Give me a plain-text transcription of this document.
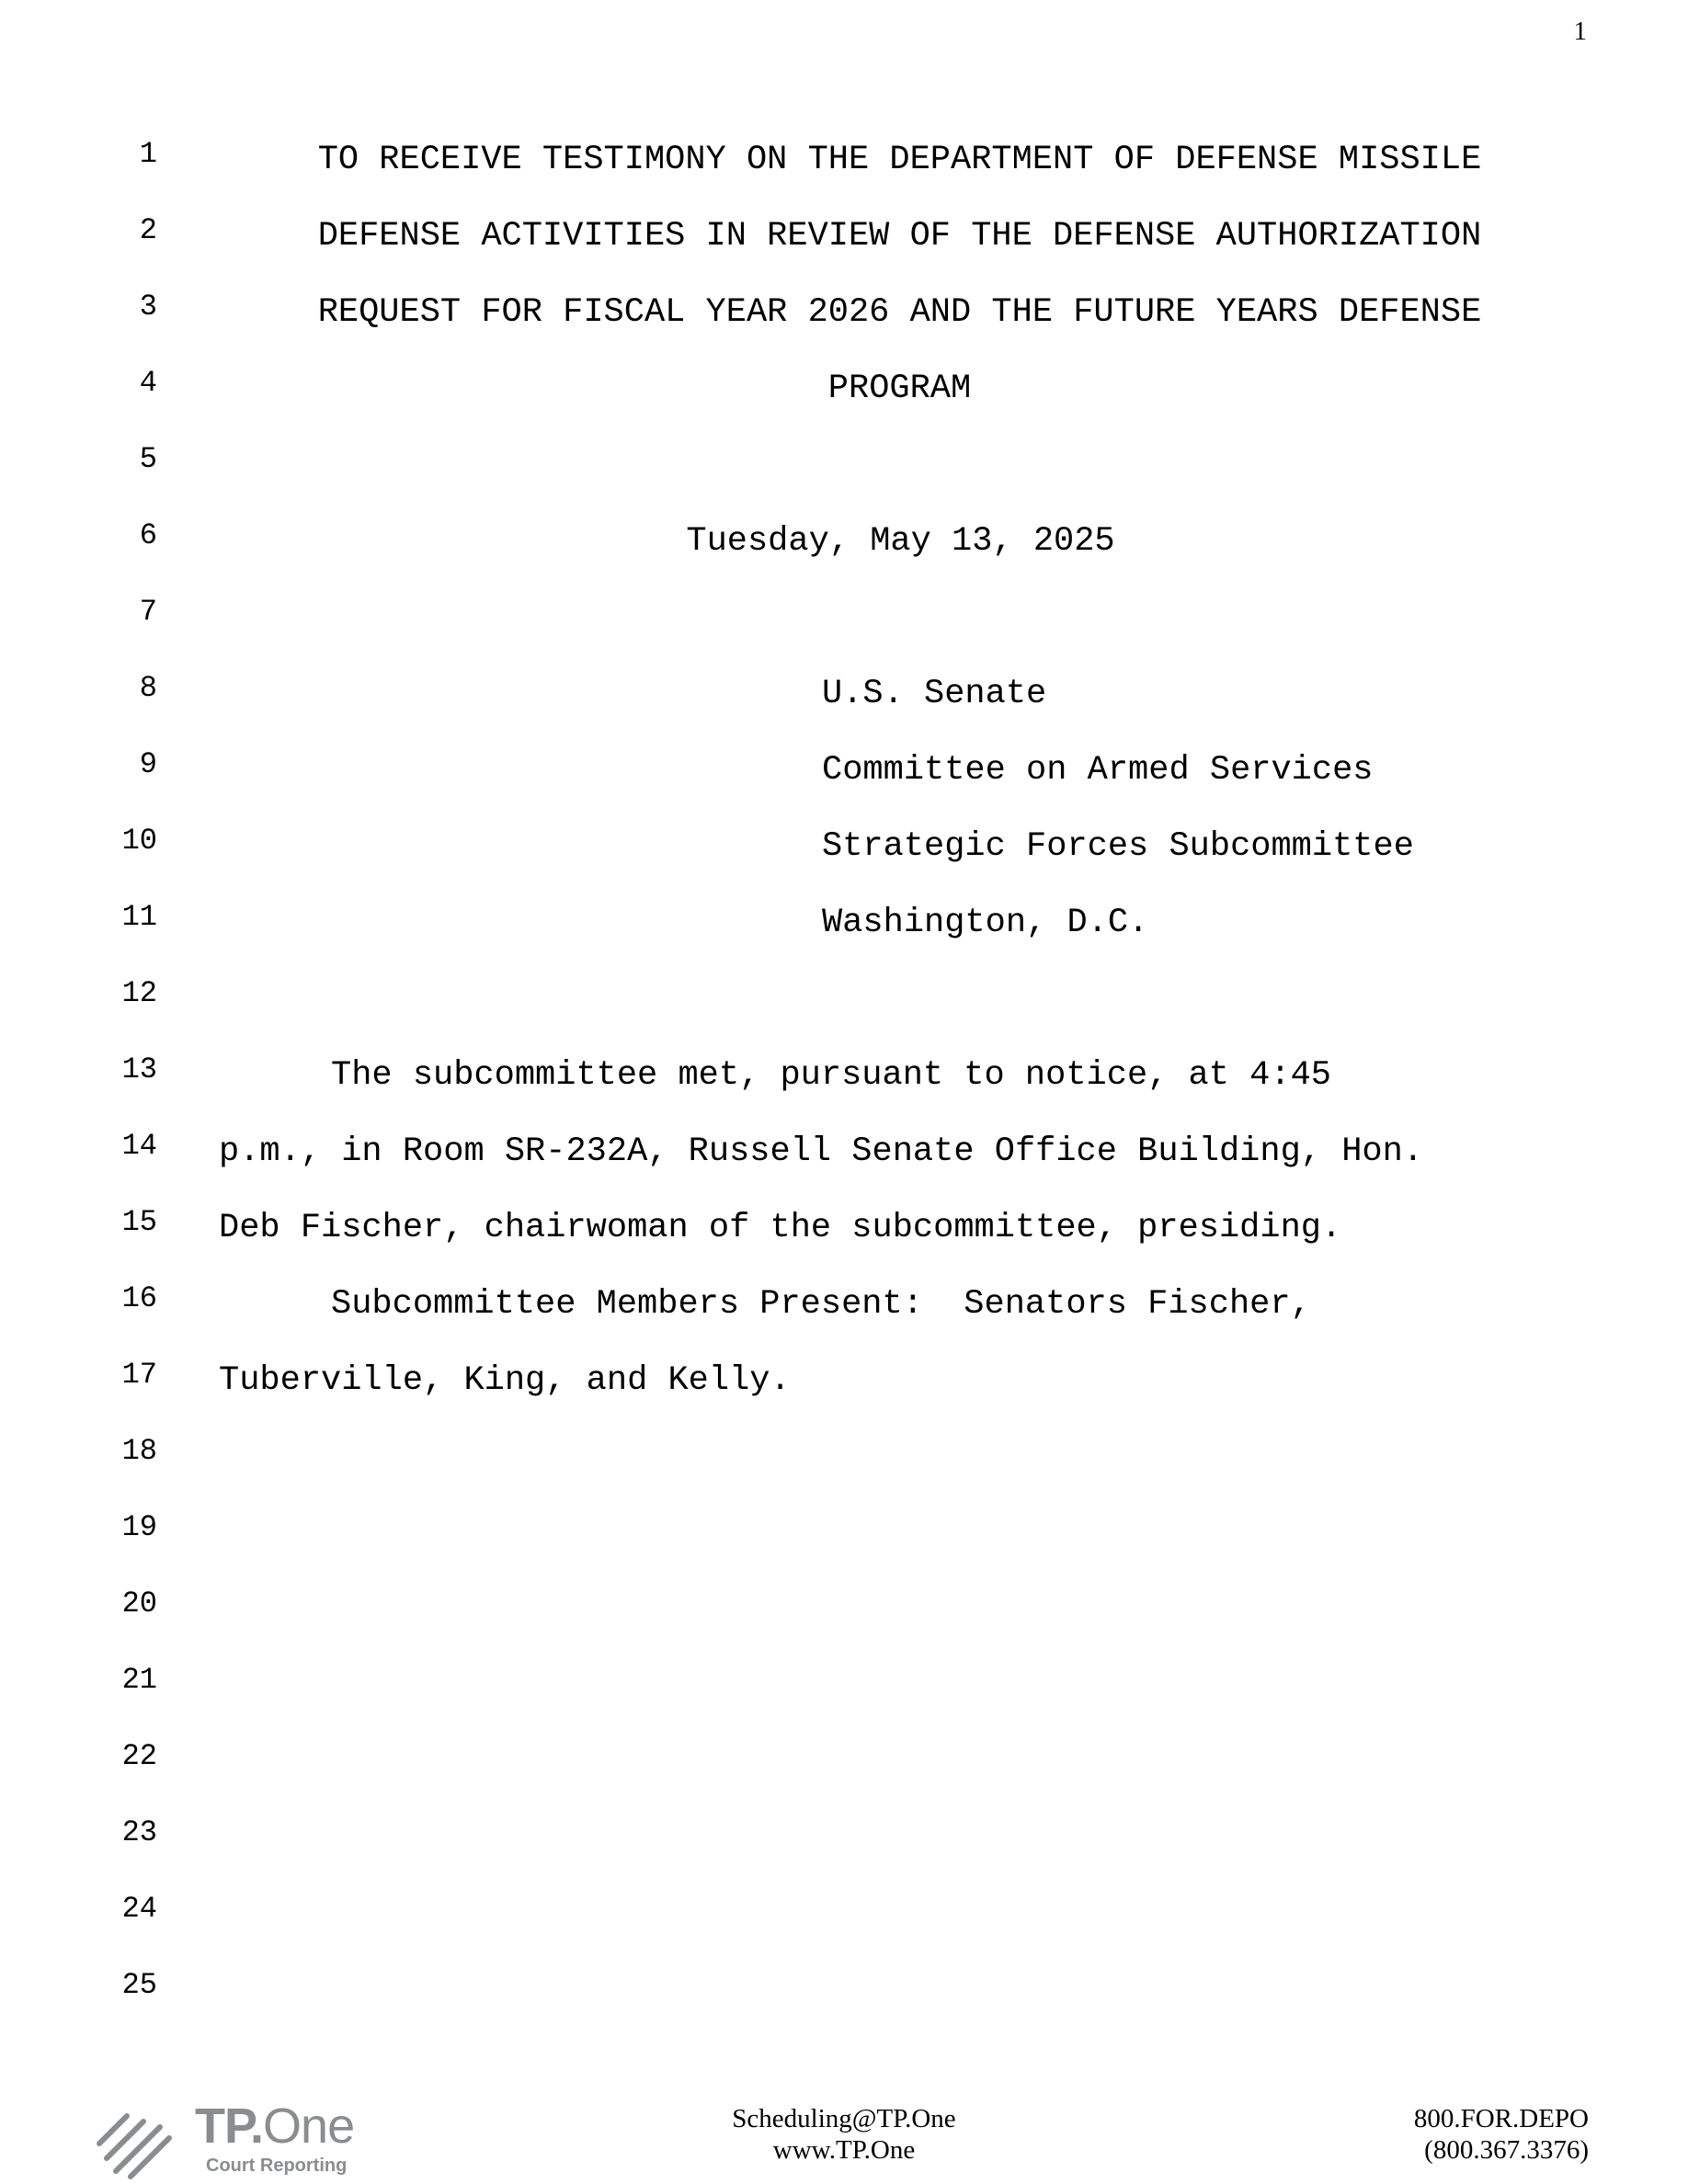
1
1	TO RECEIVE TESTIMONY ON THE DEPARTMENT OF DEFENSE MISSILE
2	DEFENSE ACTIVITIES IN REVIEW OF THE DEFENSE AUTHORIZATION
3	REQUEST FOR FISCAL YEAR 2026 AND THE FUTURE YEARS DEFENSE
4	PROGRAM
5
6	Tuesday, May 13, 2025
7
8	U.S. Senate
9	Committee on Armed Services
10	Strategic Forces Subcommittee
11	Washington, D.C.
12
13	The subcommittee met, pursuant to notice, at 4:45
14 p.m., in Room SR-232A, Russell Senate Office Building, Hon.
15 Deb Fischer, chairwoman of the subcommittee, presiding.
16	Subcommittee Members Present:  Senators Fischer,
17 Tuberville, King, and Kelly.
18
19
20
21
22
23
24
25
TP.One
Court Reporting
Scheduling@TP.One
www.TP.One
800.FOR.DEPO
(800.367.3376)
